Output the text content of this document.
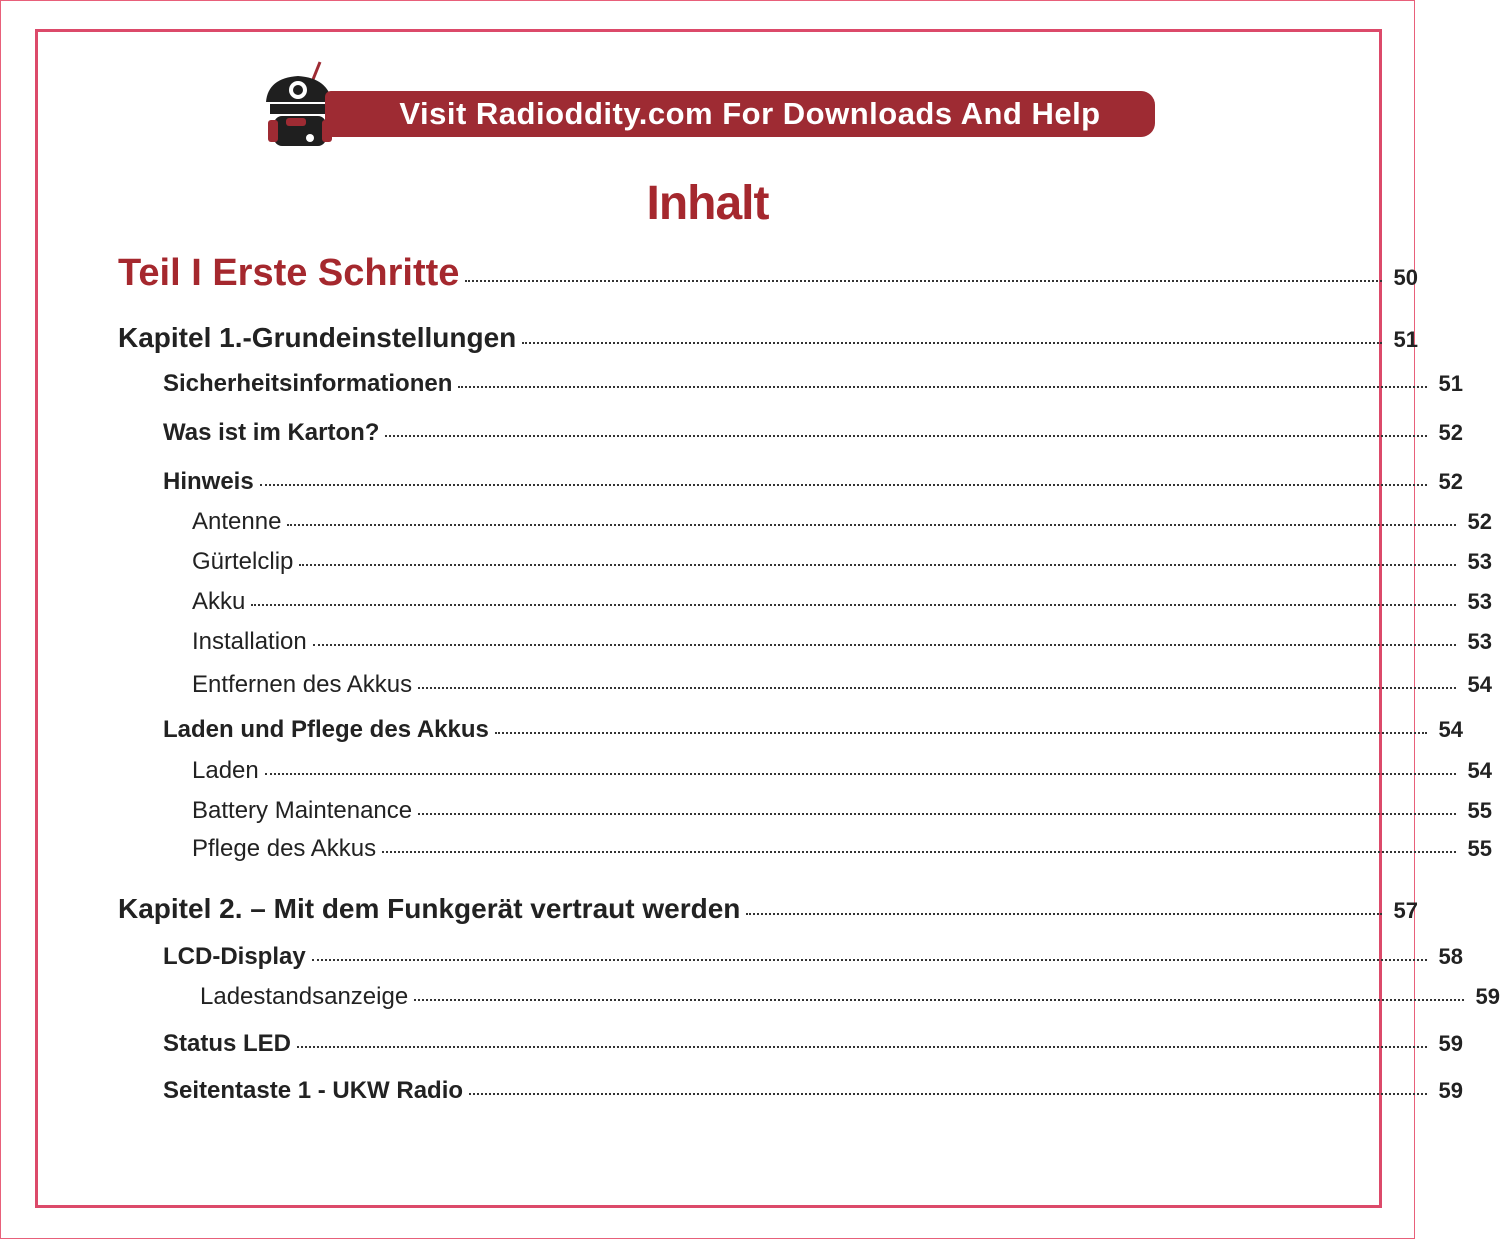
Visit Radioddity.com For Downloads And Help
Inhalt
Teil I Erste Schritte	50
Kapitel 1.-Grundeinstellungen	51
Sicherheitsinformationen	51
Was ist im Karton?	52
Hinweis	52
Antenne	52
Gürtelclip	53
Akku	53
Installation	53
Entfernen des Akkus	54
Laden und Pflege des Akkus	54
Laden	54
Battery Maintenance	55
Pflege des Akkus	55
Kapitel 2. – Mit dem Funkgerät vertraut werden	57
LCD-Display	58
Ladestandsanzeige	59
Status LED	59
Seitentaste 1 - UKW Radio	59
